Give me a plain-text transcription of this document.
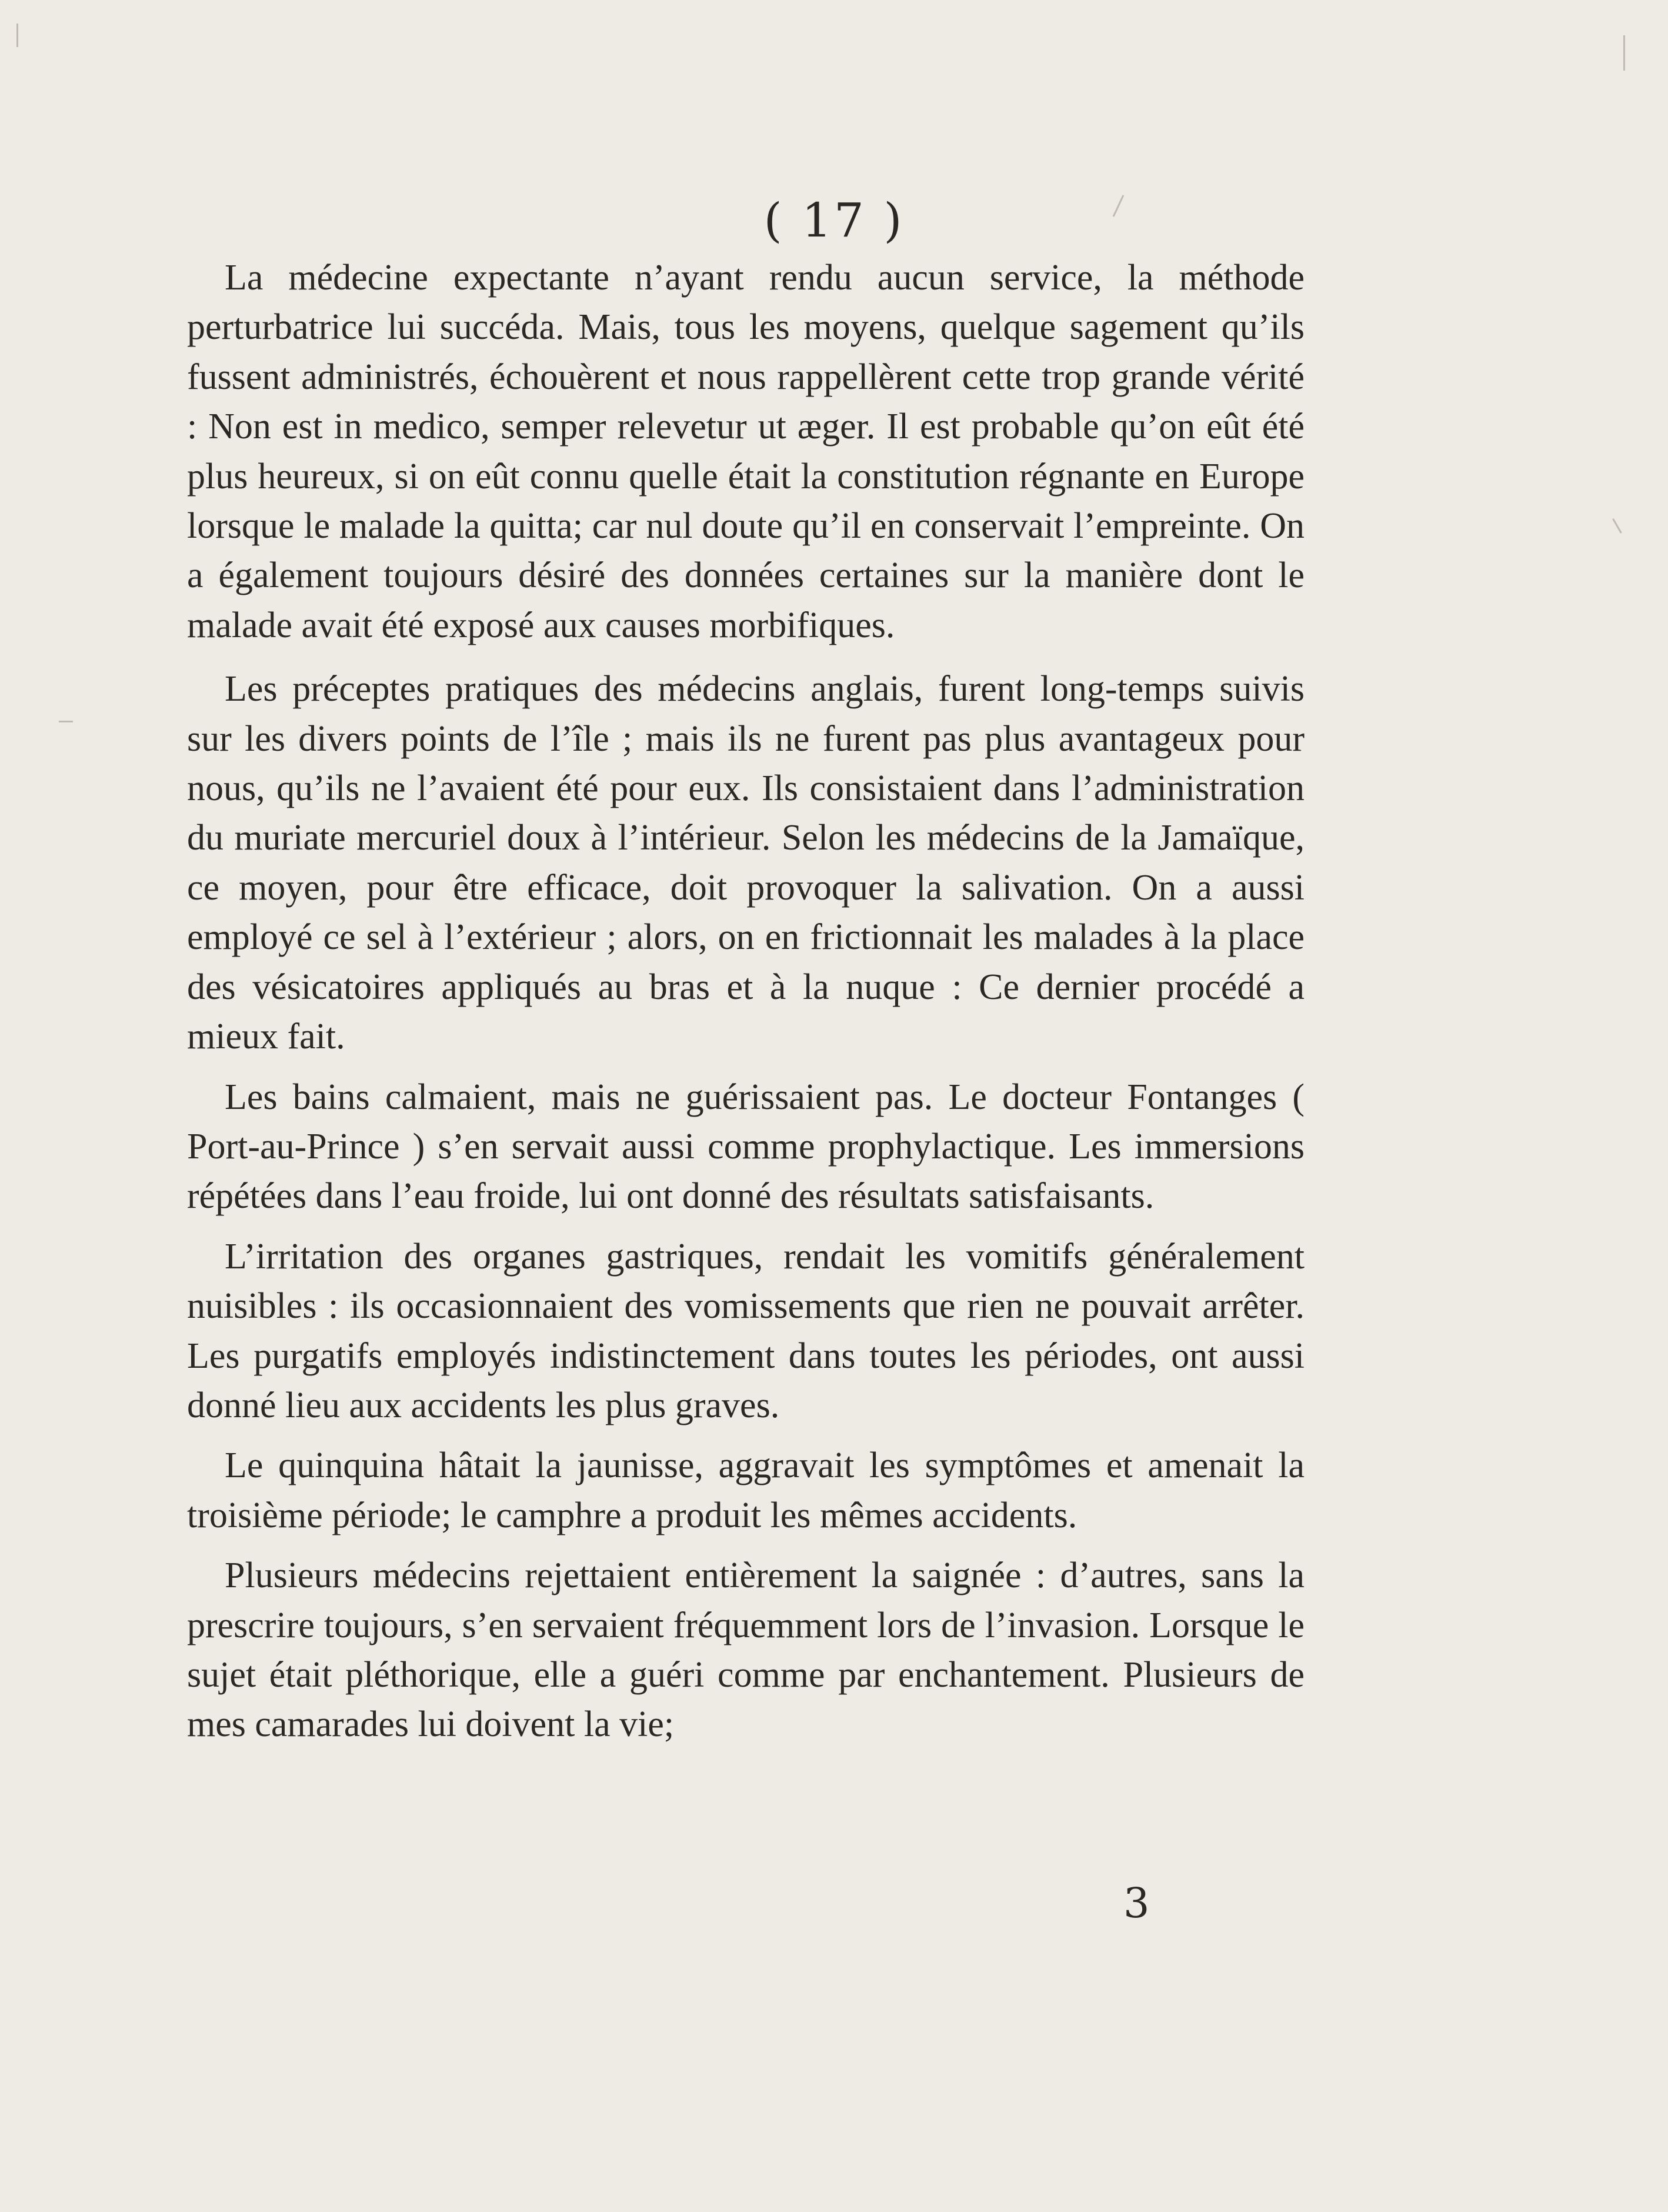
( 17 )

La médecine expectante n’ayant rendu aucun service, la méthode perturbatrice lui succéda. Mais, tous les moyens, quelque sagement qu’ils fussent administrés, échouèrent et nous rappellèrent cette trop grande vérité : Non est in medico, semper relevetur ut æger. Il est probable qu’on eût été plus heureux, si on eût connu quelle était la constitution régnante en Europe lorsque le malade la quitta; car nul doute qu’il en conservait l’empreinte. On a également toujours désiré des données certaines sur la manière dont le malade avait été exposé aux causes morbifiques.

Les préceptes pratiques des médecins anglais, furent long-temps suivis sur les divers points de l’île ; mais ils ne furent pas plus avantageux pour nous, qu’ils ne l’avaient été pour eux. Ils consistaient dans l’administration du muriate mercuriel doux à l’intérieur. Selon les médecins de la Jamaïque, ce moyen, pour être efficace, doit provoquer la salivation. On a aussi employé ce sel à l’extérieur ; alors, on en frictionnait les malades à la place des vésicatoires appliqués au bras et à la nuque : Ce dernier procédé a mieux fait.

Les bains calmaient, mais ne guérissaient pas. Le docteur Fontanges ( Port-au-Prince ) s’en servait aussi comme prophylactique. Les immersions répétées dans l’eau froide, lui ont donné des résultats satisfaisants.

L’irritation des organes gastriques, rendait les vomitifs généralement nuisibles : ils occasionnaient des vomissements que rien ne pouvait arrêter. Les purgatifs employés indistinctement dans toutes les périodes, ont aussi donné lieu aux accidents les plus graves.

Le quinquina hâtait la jaunisse, aggravait les symptômes et amenait la troisième période; le camphre a produit les mêmes accidents.

Plusieurs médecins rejettaient entièrement la saignée : d’autres, sans la prescrire toujours, s’en servaient fréquemment lors de l’invasion. Lorsque le sujet était pléthorique, elle a guéri comme par enchantement. Plusieurs de mes camarades lui doivent la vie;

3
